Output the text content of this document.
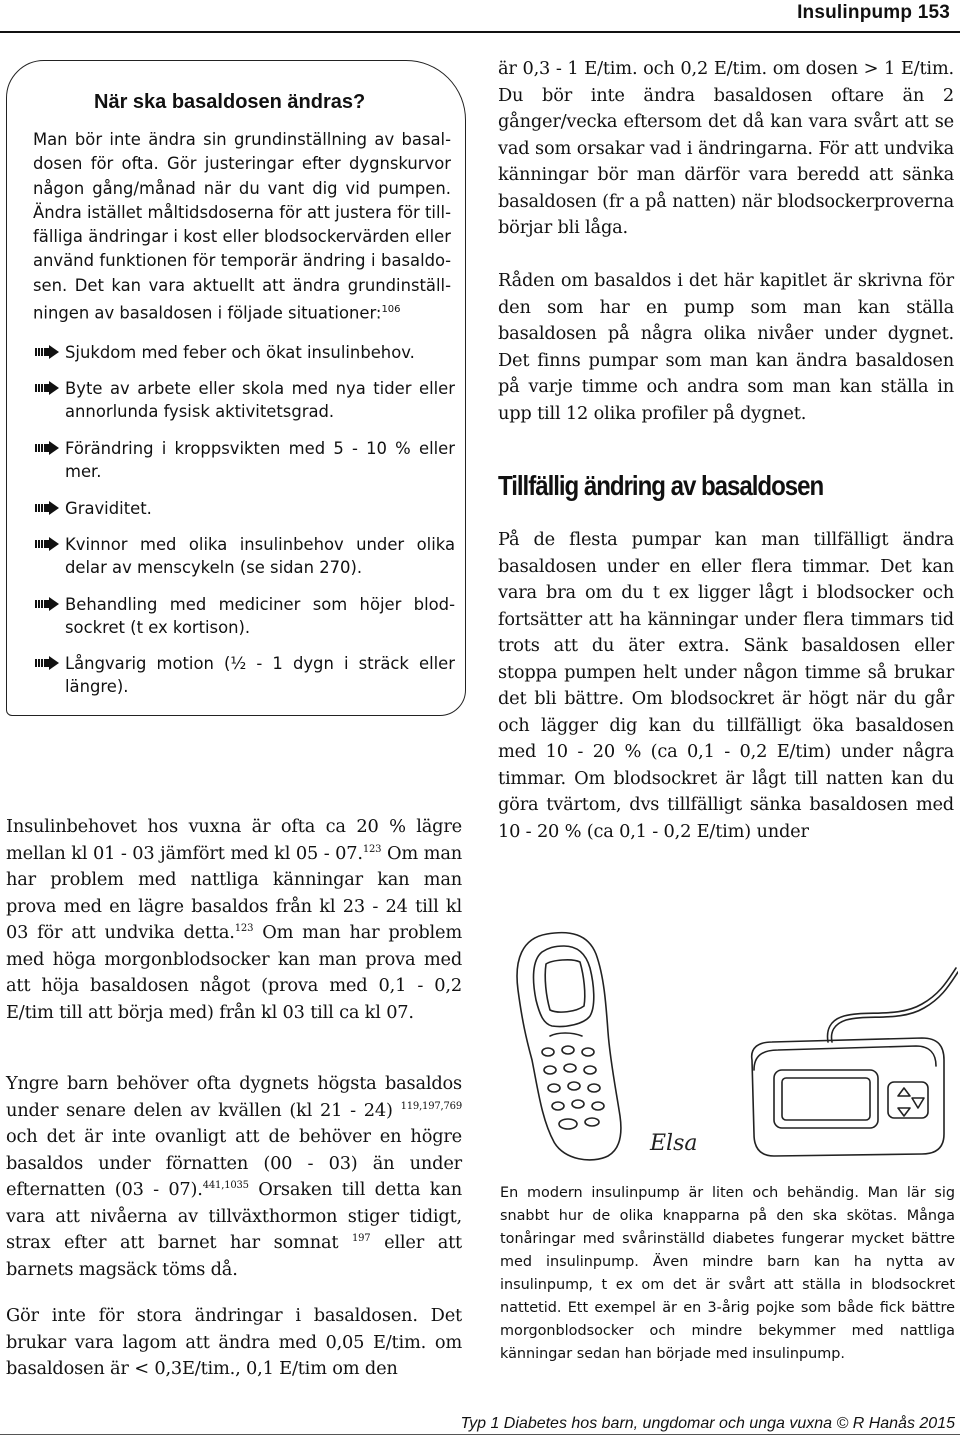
Insulinpump 153
När ska basaldosen ändras?
Man bör inte ändra sin grundinställning av basaldosen för ofta. Gör justeringar efter dygnskurvor någon gång/månad när du vant dig vid pumpen. Ändra istället måltidsdoserna för att justera för tillfälliga ändringar i kost eller blodsockervärden eller använd funktionen för temporär ändring i basaldosen. Det kan vara aktuellt att ändra grundinställningen av basaldosen i följade situationer:$^{106}$
Sjukdom med feber och ökat insulinbehov.
Byte av arbete eller skola med nya tider eller annorlunda fysisk aktivitetsgrad.
Förändring i kroppsvikten med 5 - 10 % eller mer.
Graviditet.
Kvinnor med olika insulinbehov under olika delar av menscykeln (se sidan 270).
Behandling med mediciner som höjer blodsockret (t ex kortison).
Långvarig motion (½ - 1 dygn i sträck eller längre).
Insulinbehovet hos vuxna är ofta ca 20 % lägre mellan kl 01 - 03 jämfört med kl 05 - 07.$^{123}$ Om man har problem med nattliga känningar kan man prova med en lägre basaldos från kl 23 - 24 till kl 03 för att undvika detta.$^{123}$ Om man har problem med höga morgonblodsocker kan man prova med att höja basaldosen något (prova med 0,1 - 0,2 E/tim till att börja med) från kl 03 till ca kl 07.
Yngre barn behöver ofta dygnets högsta basaldos under senare delen av kvällen (kl 21 - 24) $^{119,197,769}$ och det är inte ovanligt att de behöver en högre basaldos under förnatten (00 - 03) än under efternatten (03 - 07).$^{441,1035}$ Orsaken till detta kan vara att nivåerna av tillväxthormon stiger tidigt, strax efter att barnet har somnat $^{197}$ eller att barnets magsäck töms då.
Gör inte för stora ändringar i basaldosen. Det brukar vara lagom att ändra med 0,05 E/tim. om basaldosen är < 0,3E/tim., 0,1 E/tim om den
är 0,3 - 1 E/tim. och 0,2 E/tim. om dosen > 1 E/tim. Du bör inte ändra basaldosen oftare än 2 gånger/vecka eftersom det då kan vara svårt att se vad som orsakar vad i ändringarna. För att undvika känningar bör man därför vara beredd att sänka basaldosen (fr a på natten) när blodsockerproverna börjar bli låga.
Råden om basaldos i det här kapitlet är skrivna för den som har en pump som man kan ställa basaldosen på några olika nivåer under dygnet. Det finns pumpar som man kan ändra basaldosen på varje timme och andra som man kan ställa in upp till 12 olika profiler på dygnet.
Tillfällig ändring av basaldosen
På de flesta pumpar kan man tillfälligt ändra basaldosen under en eller flera timmar. Det kan vara bra om du t ex ligger lågt i blodsocker och fortsätter att ha känningar under flera timmars tid trots att du äter extra. Sänk basaldosen eller stoppa pumpen helt under någon timme så brukar det bli bättre. Om blodsockret är högt när du går och lägger dig kan du tillfälligt öka basaldosen med 10 - 20 % (ca 0,1 - 0,2 E/tim) under några timmar. Om blodsockret är lågt till natten kan du göra tvärtom, dvs tillfälligt sänka basaldosen med 10 - 20 % (ca 0,1 - 0,2 E/tim) under
Elsa
En modern insulinpump är liten och behändig. Man lär sig snabbt hur de olika knapparna på den ska skötas. Många tonåringar med svårinställd diabetes fungerar mycket bättre med insulinpump. Även mindre barn kan ha nytta av insulinpump, t ex om det är svårt att ställa in blodsockret nattetid. Ett exempel är en 3-årig pojke som både fick bättre morgonblodsocker och mindre bekymmer med nattliga känningar sedan han började med insulinpump.
Typ 1 Diabetes hos barn, ungdomar och unga vuxna © R Hanås 2015
